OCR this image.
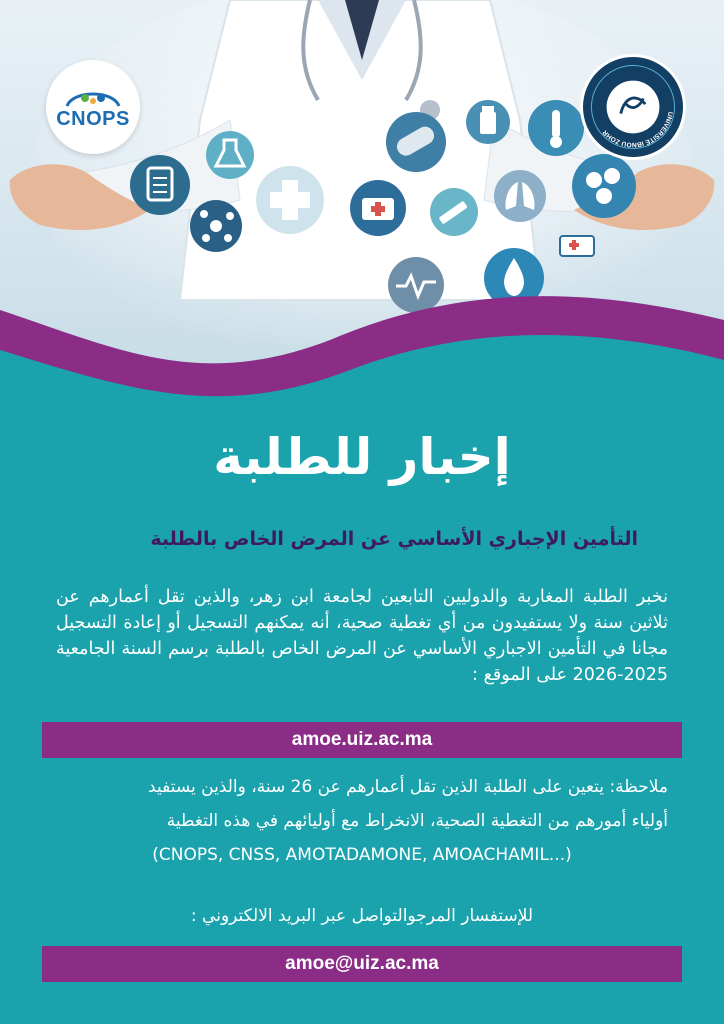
CNOPS	UNIVERSITÉ IBNOU ZOHR
إخبار للطلبة
التأمين الإجباري الأساسي عن المرض الخاص بالطلبة
نخبر الطلبة المغاربة والدوليين التابعين لجامعة ابن زهر، والذين تقل أعمارهم عن ثلاثين سنة ولا يستفيدون من أي تغطية صحية، أنه يمكنهم التسجيل أو إعادة التسجيل مجانا في التأمين الاجباري الأساسي عن المرض الخاص بالطلبة برسم السنة الجامعية 2025-2026 على الموقع :
amoe.uiz.ac.ma
ملاحظة: يتعين على الطلبة الذين تقل أعمارهم عن 26 سنة، والذين يستفيد
أولياء أمورهم من التغطية الصحية، الانخراط مع أوليائهم في هذه التغطية
(CNOPS, CNSS, AMOTADAMONE, AMOACHAMIL...)
للإستفسار المرجوالتواصل عبر البريد الالكتروني :
amoe@uiz.ac.ma
